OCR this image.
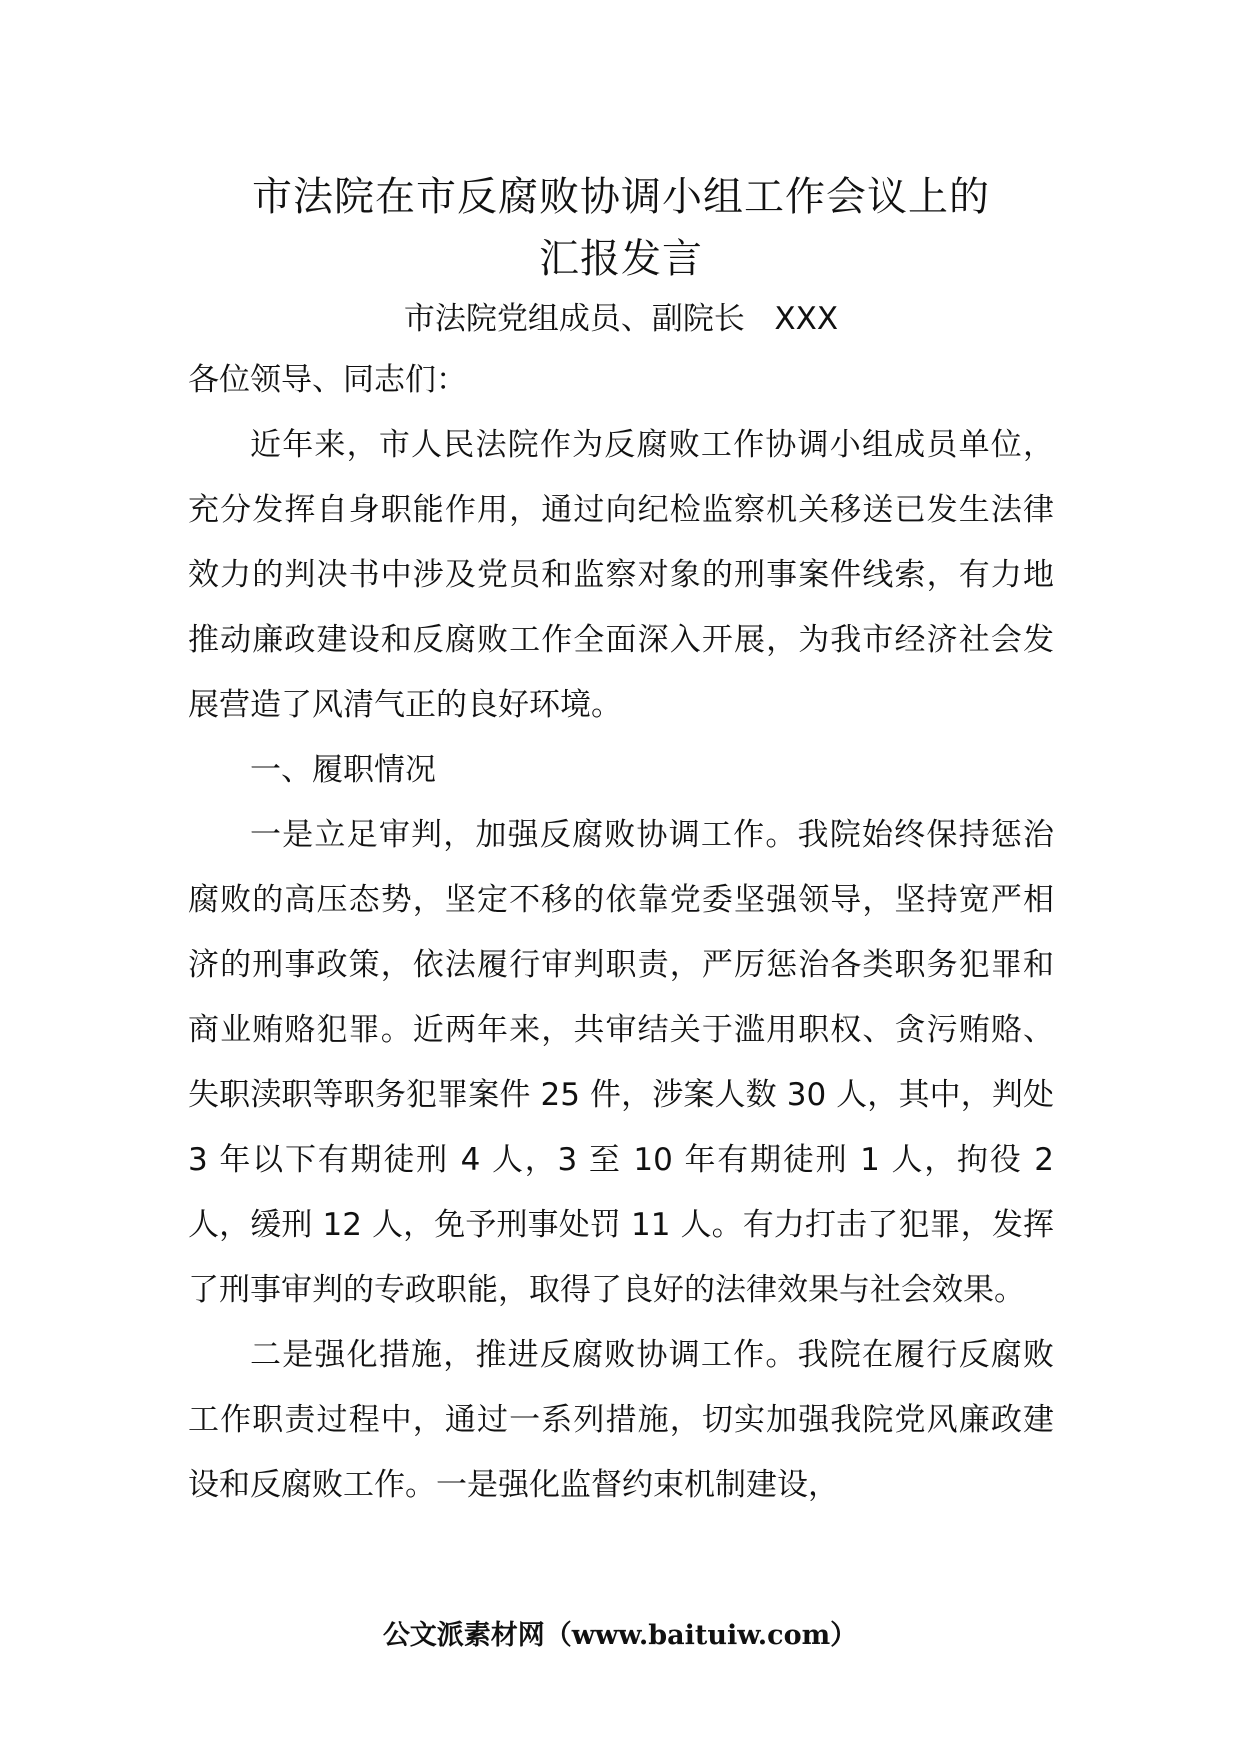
市法院在市反腐败协调小组工作会议上的
汇报发言

市法院党组成员、副院长   XXX

各位领导、同志们：

近年来，市人民法院作为反腐败工作协调小组成员单位，充分发挥自身职能作用，通过向纪检监察机关移送已发生法律效力的判决书中涉及党员和监察对象的刑事案件线索，有力地推动廉政建设和反腐败工作全面深入开展，为我市经济社会发展营造了风清气正的良好环境。

一、履职情况

一是立足审判，加强反腐败协调工作。我院始终保持惩治腐败的高压态势，坚定不移的依靠党委坚强领导，坚持宽严相济的刑事政策，依法履行审判职责，严厉惩治各类职务犯罪和商业贿赂犯罪。近两年来，共审结关于滥用职权、贪污贿赂、失职渎职等职务犯罪案件 25 件，涉案人数 30 人，其中，判处 3 年以下有期徒刑 4 人，3 至 10 年有期徒刑 1 人，拘役 2 人，缓刑 12 人，免予刑事处罚 11 人。有力打击了犯罪，发挥了刑事审判的专政职能，取得了良好的法律效果与社会效果。

二是强化措施，推进反腐败协调工作。我院在履行反腐败工作职责过程中，通过一系列措施，切实加强我院党风廉政建设和反腐败工作。一是强化监督约束机制建设，

公文派素材网（www.baituiw.com）
